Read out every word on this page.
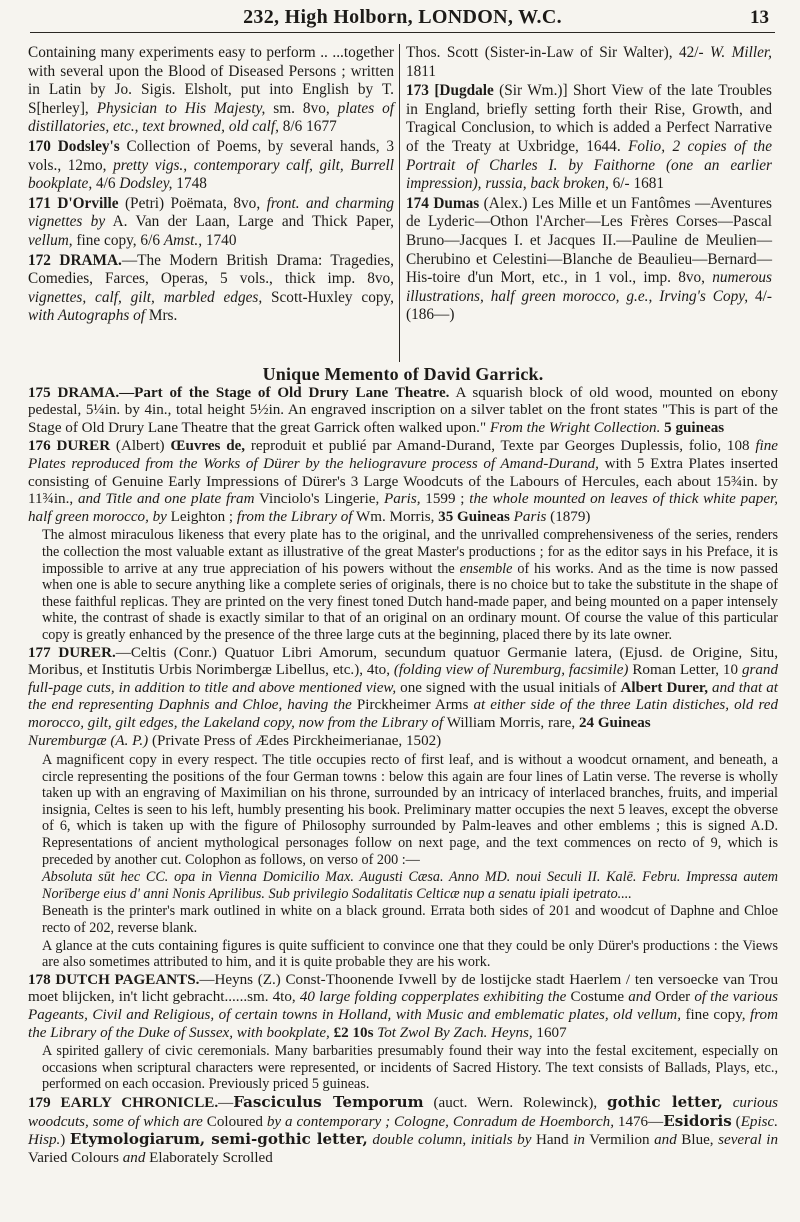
232, High Holborn, LONDON, W.C.	13
Containing many experiments easy to perform .. ...together with several upon the Blood of Diseased Persons ; written in Latin by Jo. Sigis. Elsholt, put into English by T. S[herley], Physician to His Majesty, sm. 8vo, plates of distillatories, etc., text browned, old calf, 8/6 1677
170 Dodsley's Collection of Poems, by several hands, 3 vols., 12mo, pretty vigs., contemporary calf, gilt, Burrell bookplate, 4/6 Dodsley, 1748
171 D'Orville (Petri) Poëmata, 8vo, front. and charming vignettes by A. Van der Laan, Large and Thick Paper, vellum, fine copy, 6/6 Amst., 1740
172 DRAMA.—The Modern British Drama: Tragedies, Comedies, Farces, Operas, 5 vols., thick imp. 8vo, vignettes, calf, gilt, marbled edges, Scott-Huxley copy, with Autographs of Mrs.
Thos. Scott (Sister-in-Law of Sir Walter), 42/- W. Miller, 1811
173 [Dugdale (Sir Wm.)] Short View of the late Troubles in England, briefly setting forth their Rise, Growth, and Tragical Conclusion, to which is added a Perfect Narrative of the Treaty at Uxbridge, 1644. Folio, 2 copies of the Portrait of Charles I. by Faithorne (one an earlier impression), russia, back broken, 6/- 1681
174 Dumas (Alex.) Les Mille et un Fantômes —Aventures de Lyderic—Othon l'Archer—Les Frères Corses—Pascal Bruno—Jacques I. et Jacques II.—Pauline de Meulien—Cherubino et Celestini—Blanche de Beaulieu—Bernard—His-toire d'un Mort, etc., in 1 vol., imp. 8vo, numerous illustrations, half green morocco, g.e., Irving's Copy, 4/- (186—)
Unique Memento of David Garrick.
175 DRAMA.—Part of the Stage of Old Drury Lane Theatre. A squarish block of old wood, mounted on ebony pedestal, 5¼in. by 4in., total height 5½in. An engraved inscription on a silver tablet on the front states "This is part of the Stage of Old Drury Lane Theatre that the great Garrick often walked upon." From the Wright Collection. 5 guineas
176 DURER (Albert) Œuvres de, reproduit et publié par Amand-Durand, Texte par Georges Duplessis, folio, 108 fine Plates reproduced from the Works of Dürer by the heliogravure process of Amand-Durand, with 5 Extra Plates inserted consisting of Genuine Early Impressions of Dürer's 3 Large Woodcuts of the Labours of Hercules, each about 15¾in. by 11¾in., and Title and one plate fram Vinciolo's Lingerie, Paris, 1599 ; the whole mounted on leaves of thick white paper, half green morocco, by Leighton ; from the Library of Wm. Morris, 35 Guineas Paris (1879)
The almost miraculous likeness that every plate has to the original, and the unrivalled comprehensiveness of the series, renders the collection the most valuable extant as illustrative of the great Master's productions ; for as the editor says in his Preface, it is impossible to arrive at any true appreciation of his powers without the ensemble of his works. And as the time is now passed when one is able to secure anything like a complete series of originals, there is no choice but to take the substitute in the shape of these faithful replicas. They are printed on the very finest toned Dutch hand-made paper, and being mounted on a paper intensely white, the contrast of shade is exactly similar to that of an original on an ordinary mount. Of course the value of this particular copy is greatly enhanced by the presence of the three large cuts at the beginning, placed there by its late owner.
177 DURER.—Celtis (Conr.) Quatuor Libri Amorum, secundum quatuor Germanie latera, (Ejusd. de Origine, Situ, Moribus, et Institutis Urbis Norimbergæ Libellus, etc.), 4to, (folding view of Nuremburg, facsimile) Roman Letter, 10 grand full-page cuts, in addition to title and above mentioned view, one signed with the usual initials of Albert Durer, and that at the end representing Daphnis and Chloe, having the Pirckheimer Arms at either side of the three Latin distiches, old red morocco, gilt, gilt edges, the Lakeland copy, now from the Library of William Morris, rare, 24 Guineas
Nuremburgæ (A. P.) (Private Press of Ædes Pirckheimerianae, 1502)
A magnificent copy in every respect. The title occupies recto of first leaf, and is without a woodcut ornament, and beneath, a circle representing the positions of the four German towns : below this again are four lines of Latin verse. The reverse is wholly taken up with an engraving of Maximilian on his throne, surrounded by an intricacy of interlaced branches, fruits, and imperial insignia, Celtes is seen to his left, humbly presenting his book. Preliminary matter occupies the next 5 leaves, except the obverse of 6, which is taken up with the figure of Philosophy surrounded by Palm-leaves and other emblems ; this is signed A.D. Representations of ancient mythological personages follow on next page, and the text commences on recto of 9, which is preceded by another cut. Colophon as follows, on verso of 200 :—
Absoluta sūt hec CC. opa in Vienna Domicilio Max. Augusti Cæsa. Anno MD. noui Seculi II. Kalē. Febru. Impressa autem Norīberge eius d' anni Nonis Aprilibus. Sub privilegio Sodalitatis Celticæ nup a senatu ipiali ipetrato....
Beneath is the printer's mark outlined in white on a black ground. Errata both sides of 201 and woodcut of Daphne and Chloe recto of 202, reverse blank.
A glance at the cuts containing figures is quite sufficient to convince one that they could be only Dürer's productions : the Views are also sometimes attributed to him, and it is quite probable they are his work.
178 DUTCH PAGEANTS.—Heyns (Z.) Const-Thoonende Ivwell by de lostijcke stadt Haerlem / ten versoecke van Trou moet blijcken, in't licht gebracht......sm. 4to, 40 large folding copperplates exhibiting the Costume and Order of the various Pageants, Civil and Religious, of certain towns in Holland, with Music and emblematic plates, old vellum, fine copy, from the Library of the Duke of Sussex, with bookplate, £2 10s Tot Zwol By Zach. Heyns, 1607
A spirited gallery of civic ceremonials. Many barbarities presumably found their way into the festal excitement, especially on occasions when scriptural characters were represented, or incidents of Sacred History. The text consists of Ballads, Plays, etc., performed on each occasion. Previously priced 5 guineas.
179 EARLY CHRONICLE.—Fasciculus Temporum (auct. Wern. Rolewinck), gothic letter, curious woodcuts, some of which are Coloured by a contemporary ; Cologne, Conradum de Hoemborch, 1476—Esidoris (Episc. Hisp.) Etymologiarum, semi-gothic letter, double column, initials by Hand in Vermilion and Blue, several in Varied Colours and Elaborately Scrolled
